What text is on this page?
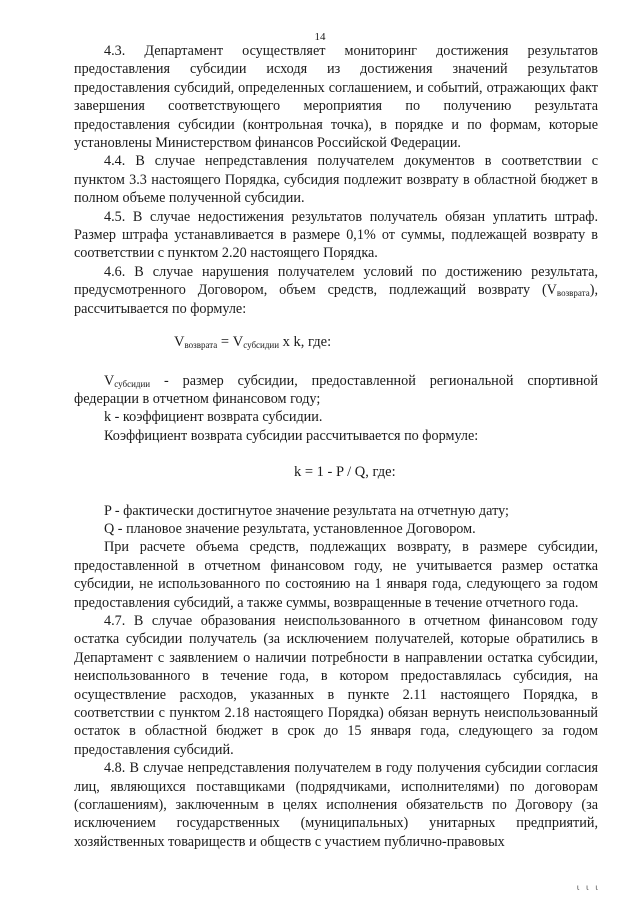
14

4.3. Департамент осуществляет мониторинг достижения результатов предоставления субсидии исходя из достижения значений результатов предоставления субсидий, определенных соглашением, и событий, отражающих факт завершения соответствующего мероприятия по получению результата предоставления субсидии (контрольная точка), в порядке и по формам, которые установлены Министерством финансов Российской Федерации.

4.4. В случае непредставления получателем документов в соответствии с пунктом 3.3 настоящего Порядка, субсидия подлежит возврату в областной бюджет в полном объеме полученной субсидии.

4.5. В случае недостижения результатов получатель обязан уплатить штраф. Размер штрафа устанавливается в размере 0,1% от суммы, подлежащей возврату в соответствии с пунктом 2.20 настоящего Порядка.

4.6. В случае нарушения получателем условий по достижению результата, предусмотренного Договором, объем средств, подлежащий возврату $(V_{возврата})$, рассчитывается по формуле:

$V_{возврата} = V_{субсидии}$ x k, где:

$V_{субсидии}$ - размер субсидии, предоставленной региональной спортивной федерации в отчетном финансовом году;

k - коэффициент возврата субсидии.

Коэффициент возврата субсидии рассчитывается по формуле:

k = 1 - P / Q, где:

P - фактически достигнутое значение результата на отчетную дату;

Q - плановое значение результата, установленное Договором.

При расчете объема средств, подлежащих возврату, в размере субсидии, предоставленной в отчетном финансовом году, не учитывается размер остатка субсидии, не использованного по состоянию на 1 января года, следующего за годом предоставления субсидий, а также суммы, возвращенные в течение отчетного года.

4.7. В случае образования неиспользованного в отчетном финансовом году остатка субсидии получатель (за исключением получателей, которые обратились в Департамент с заявлением о наличии потребности в направлении остатка субсидии, неиспользованного в течение года, в котором предоставлялась субсидия, на осуществление расходов, указанных в пункте 2.11 настоящего Порядка, в соответствии с пунктом 2.18 настоящего Порядка) обязан вернуть неиспользованный остаток в областной бюджет в срок до 15 января года, следующего за годом предоставления субсидий.

4.8. В случае непредставления получателем в году получения субсидии согласия лиц, являющихся поставщиками (подрядчиками, исполнителями) по договорам (соглашениям), заключенным в целях исполнения обязательств по Договору (за исключением государственных (муниципальных) унитарных предприятий, хозяйственных товариществ и обществ с участием публично-правовых

ι ι ι
